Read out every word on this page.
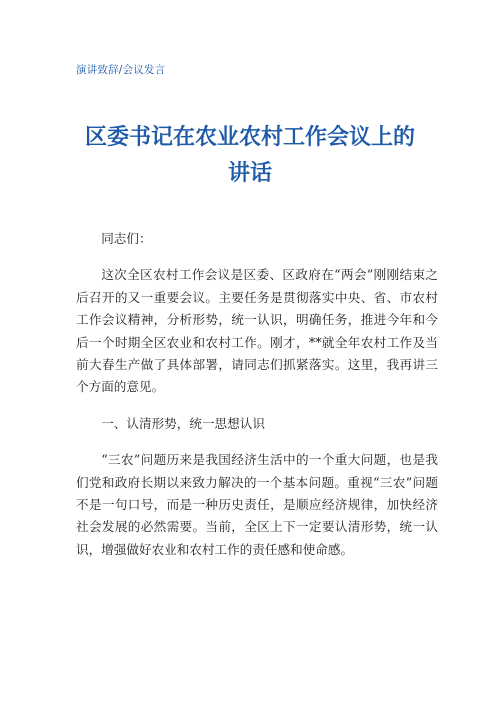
演讲致辞/会议发言
区委书记在农业农村工作会议上的
讲话

同志们：

这次全区农村工作会议是区委、区政府在“两会”刚刚结束之后召开的又一重要会议。主要任务是贯彻落实中央、省、市农村工作会议精神，分析形势，统一认识，明确任务，推进今年和今后一个时期全区农业和农村工作。刚才，**就全年农村工作及当前大春生产做了具体部署，请同志们抓紧落实。这里，我再讲三个方面的意见。

一、认清形势，统一思想认识

“三农”问题历来是我国经济生活中的一个重大问题，也是我们党和政府长期以来致力解决的一个基本问题。重视“三农”问题不是一句口号，而是一种历史责任，是顺应经济规律，加快经济社会发展的必然需要。当前，全区上下一定要认清形势，统一认识，增强做好农业和农村工作的责任感和使命感。
